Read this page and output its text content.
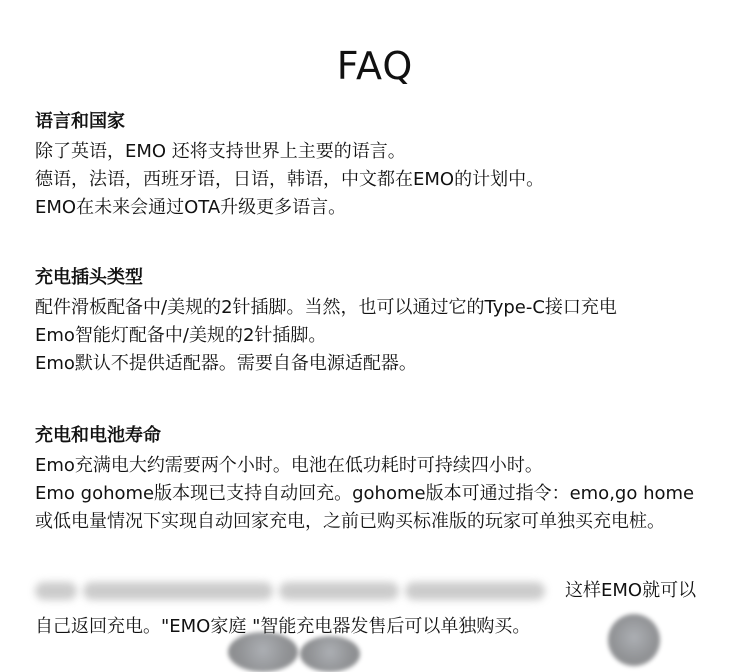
FAQ
语言和国家
除了英语，EMO 还将支持世界上主要的语言。
德语，法语，西班牙语，日语，韩语，中文都在EMO的计划中。
EMO在未来会通过OTA升级更多语言。
充电插头类型
配件滑板配备中/美规的2针插脚。当然，也可以通过它的Type-C接口充电
Emo智能灯配备中/美规的2针插脚。
Emo默认不提供适配器。需要自备电源适配器。
充电和电池寿命
Emo充满电大约需要两个小时。电池在低功耗时可持续四小时。
Emo gohome版本现已支持自动回充。gohome版本可通过指令：emo,go home
或低电量情况下实现自动回家充电，之前已购买标准版的玩家可单独买充电桩。
这样EMO就可以
自己返回充电。"EMO家庭 "智能充电器发售后可以单独购买。
